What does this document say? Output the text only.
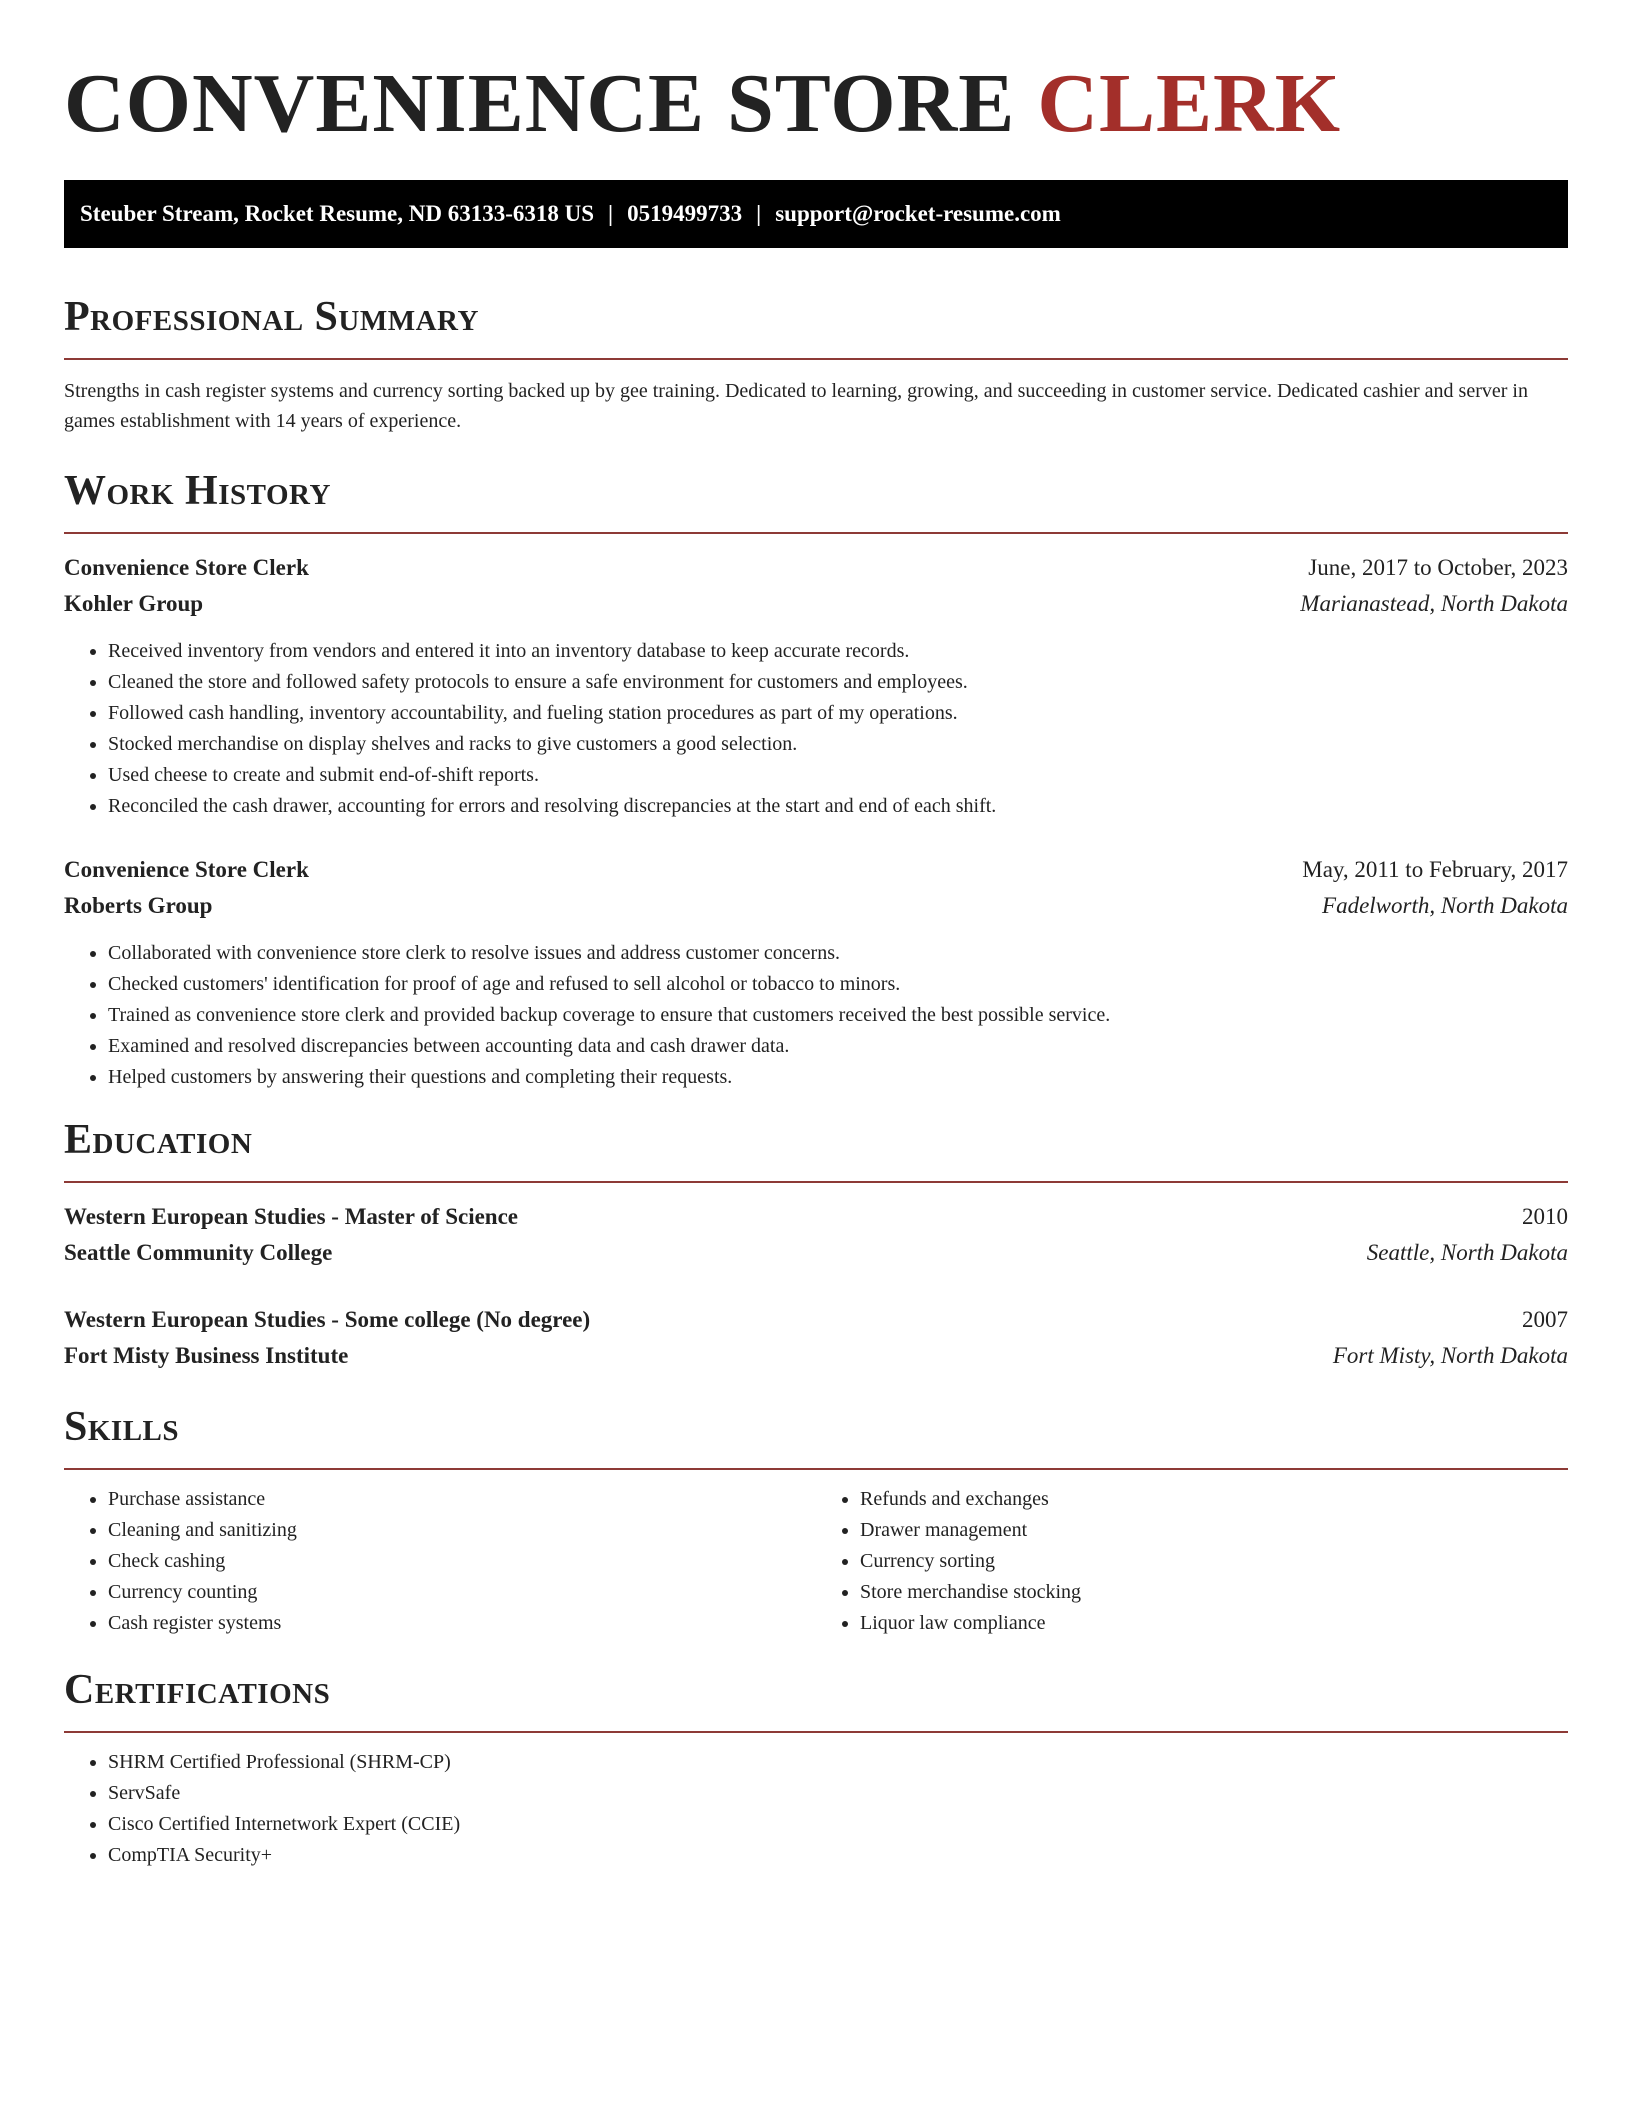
CONVENIENCE STORE CLERK
Steuber Stream, Rocket Resume, ND 63133-6318 US | 0519499733 | support@rocket-resume.com
Professional Summary
Strengths in cash register systems and currency sorting backed up by gee training. Dedicated to learning, growing, and succeeding in customer service. Dedicated cashier and server in games establishment with 14 years of experience.
Work History
Convenience Store Clerk	June, 2017 to October, 2023
Kohler Group	Marianastead, North Dakota
• Received inventory from vendors and entered it into an inventory database to keep accurate records.
• Cleaned the store and followed safety protocols to ensure a safe environment for customers and employees.
• Followed cash handling, inventory accountability, and fueling station procedures as part of my operations.
• Stocked merchandise on display shelves and racks to give customers a good selection.
• Used cheese to create and submit end-of-shift reports.
• Reconciled the cash drawer, accounting for errors and resolving discrepancies at the start and end of each shift.
Convenience Store Clerk	May, 2011 to February, 2017
Roberts Group	Fadelworth, North Dakota
• Collaborated with convenience store clerk to resolve issues and address customer concerns.
• Checked customers' identification for proof of age and refused to sell alcohol or tobacco to minors.
• Trained as convenience store clerk and provided backup coverage to ensure that customers received the best possible service.
• Examined and resolved discrepancies between accounting data and cash drawer data.
• Helped customers by answering their questions and completing their requests.
Education
Western European Studies - Master of Science	2010
Seattle Community College	Seattle, North Dakota
Western European Studies - Some college (No degree)	2007
Fort Misty Business Institute	Fort Misty, North Dakota
Skills
• Purchase assistance
• Cleaning and sanitizing
• Check cashing
• Currency counting
• Cash register systems
• Refunds and exchanges
• Drawer management
• Currency sorting
• Store merchandise stocking
• Liquor law compliance
Certifications
• SHRM Certified Professional (SHRM-CP)
• ServSafe
• Cisco Certified Internetwork Expert (CCIE)
• CompTIA Security+
